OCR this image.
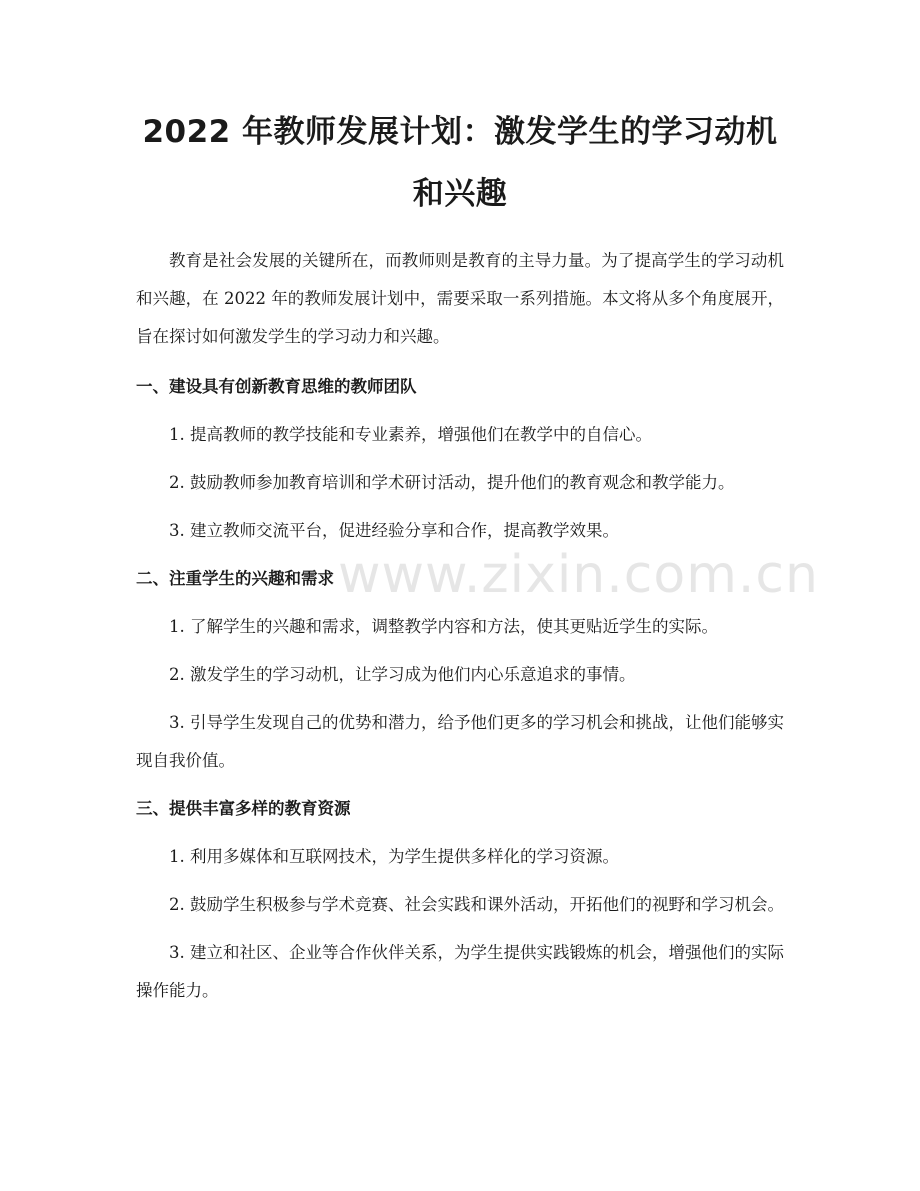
www.zixin.com.cn
2022 年教师发展计划：激发学生的学习动机
和兴趣

教育是社会发展的关键所在，而教师则是教育的主导力量。为了提高学生的学习动机和兴趣，在 2022 年的教师发展计划中，需要采取一系列措施。本文将从多个角度展开，旨在探讨如何激发学生的学习动力和兴趣。

一、建设具有创新教育思维的教师团队

1. 提高教师的教学技能和专业素养，增强他们在教学中的自信心。

2. 鼓励教师参加教育培训和学术研讨活动，提升他们的教育观念和教学能力。

3. 建立教师交流平台，促进经验分享和合作，提高教学效果。

二、注重学生的兴趣和需求

1. 了解学生的兴趣和需求，调整教学内容和方法，使其更贴近学生的实际。

2. 激发学生的学习动机，让学习成为他们内心乐意追求的事情。

3. 引导学生发现自己的优势和潜力，给予他们更多的学习机会和挑战，让他们能够实现自我价值。

三、提供丰富多样的教育资源

1. 利用多媒体和互联网技术，为学生提供多样化的学习资源。

2. 鼓励学生积极参与学术竞赛、社会实践和课外活动，开拓他们的视野和学习机会。

3. 建立和社区、企业等合作伙伴关系，为学生提供实践锻炼的机会，增强他们的实际操作能力。
